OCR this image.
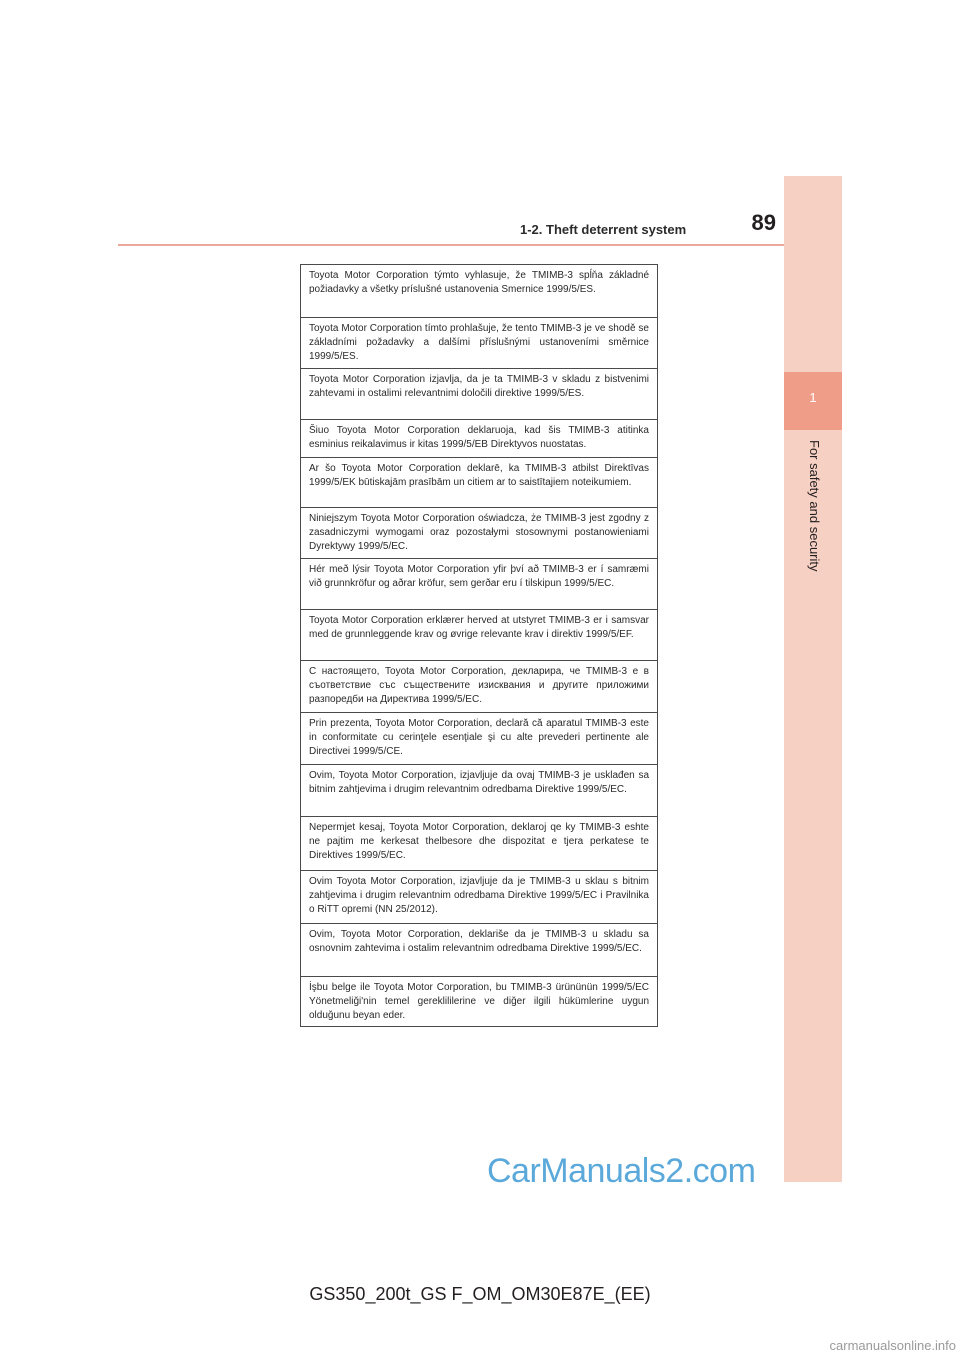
1-2. Theft deterrent system	89
1
For safety and security
Toyota Motor Corporation týmto vyhlasuje, že TMIMB-3 spĺňa základné požiadavky a všetky príslušné ustanovenia Smernice 1999/5/ES.
Toyota Motor Corporation tímto prohlašuje, že tento TMIMB-3 je ve shodě se základními požadavky a dalšími příslušnými ustanoveními směrnice 1999/5/ES.
Toyota Motor Corporation izjavlja, da je ta TMIMB-3 v skladu z bistvenimi zahtevami in ostalimi relevantnimi določili direktive 1999/5/ES.
Šiuo Toyota Motor Corporation deklaruoja, kad šis TMIMB-3 atitinka esminius reikalavimus ir kitas 1999/5/EB Direktyvos nuostatas.
Ar šo Toyota Motor Corporation deklarē, ka TMIMB-3 atbilst Direktīvas 1999/5/EK būtiskajām prasībām un citiem ar to saistītajiem noteikumiem.
Niniejszym Toyota Motor Corporation oświadcza, że TMIMB-3 jest zgodny z zasadniczymi wymogami oraz pozostałymi stosownymi postanowieniami Dyrektywy 1999/5/EC.
Hér með lýsir Toyota Motor Corporation yfir því að TMIMB-3 er í samræmi við grunnkröfur og aðrar kröfur, sem gerðar eru í tilskipun 1999/5/EC.
Toyota Motor Corporation erklærer herved at utstyret TMIMB-3 er i samsvar med de grunnleggende krav og øvrige relevante krav i direktiv 1999/5/EF.
С настоящето, Toyota Motor Corporation, декларира, че TMIMB-3 е в съответствие със съществените изисквания и другите приложими разпоредби на Директива 1999/5/ЕС.
Prin prezenta, Toyota Motor Corporation, declară că aparatul TMIMB-3 este in conformitate cu cerinţele esenţiale şi cu alte prevederi pertinente ale Directivei 1999/5/CE.
Ovim, Toyota Motor Corporation, izjavljuje da ovaj TMIMB-3 je usklađen sa bitnim zahtjevima i drugim relevantnim odredbama Direktive 1999/5/EC.
Nepermjet kesaj, Toyota Motor Corporation, deklaroj qe ky TMIMB-3 eshte ne pajtim me kerkesat thelbesore dhe dispozitat e tjera perkatese te Direktives 1999/5/EC.
Ovim Toyota Motor Corporation, izjavljuje da je TMIMB-3 u sklau s bitnim zahtjevima i drugim relevantnim odredbama Direktive 1999/5/EC i Pravilnika o RiTT opremi (NN 25/2012).
Ovim, Toyota Motor Corporation, deklariše da je TMIMB-3 u skladu sa osnovnim zahtevima i ostalim relevantnim odredbama Direktive 1999/5/EC.
İşbu belge ile Toyota Motor Corporation, bu TMIMB-3 ürününün 1999/5/EC Yönetmeliği'nin temel gereklililerine ve diğer ilgili hükümlerine uygun olduğunu beyan eder.
CarManuals2.com
GS350_200t_GS F_OM_OM30E87E_(EE)
carmanualsonline.info
